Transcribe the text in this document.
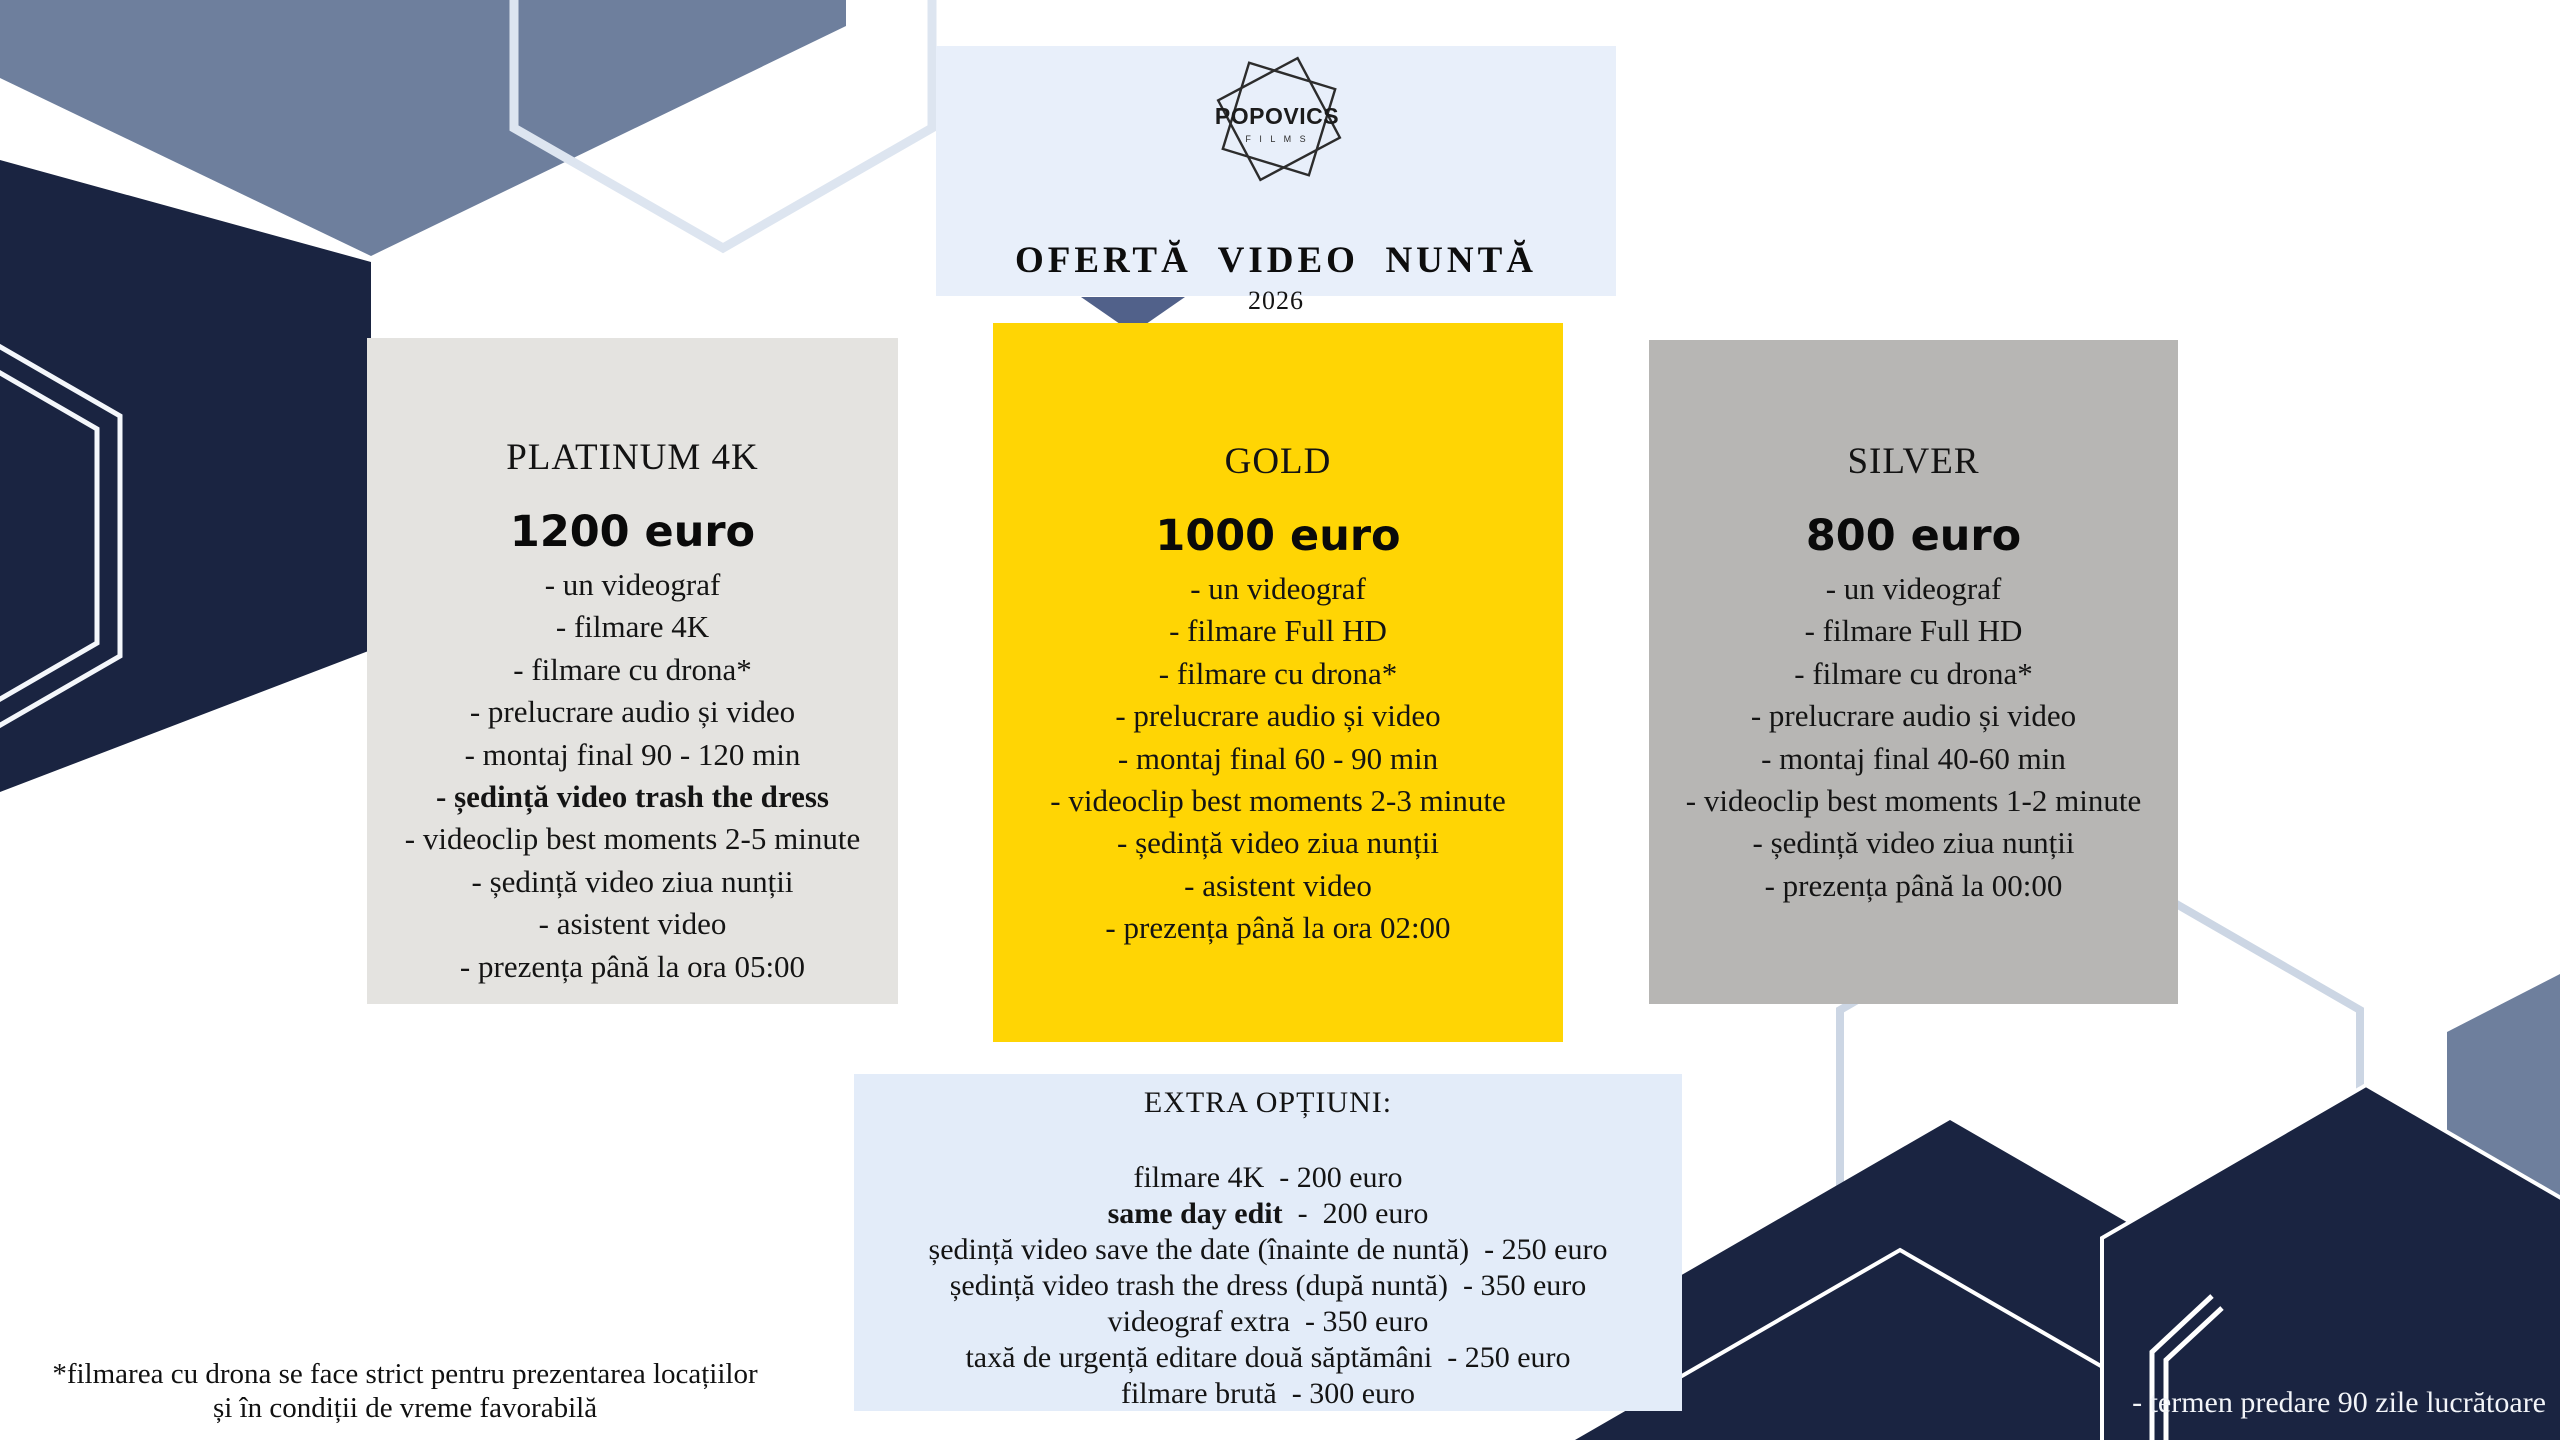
POPOVICS
F I L M S
OFERTĂ  VIDEO  NUNTĂ
2026
PLATINUM 4K
1200 euro
- un videograf
- filmare 4K
- filmare cu drona*
- prelucrare audio și video
- montaj final 90 - 120 min
- ședință video trash the dress
- videoclip best moments 2-5 minute
- ședință video ziua nunții
- asistent video
- prezența până la ora 05:00
GOLD
1000 euro
- un videograf
- filmare Full HD
- filmare cu drona*
- prelucrare audio și video
- montaj final 60 - 90 min
- videoclip best moments 2-3 minute
- ședință video ziua nunții
- asistent video
- prezența până la ora 02:00
SILVER
800 euro
- un videograf
- filmare Full HD
- filmare cu drona*
- prelucrare audio și video
- montaj final 40-60 min
- videoclip best moments 1-2 minute
- ședință video ziua nunții
- prezența până la 00:00
EXTRA OPȚIUNI:
filmare 4K  - 200 euro
same day edit  -  200 euro
ședință video save the date (înainte de nuntă)  - 250 euro
ședință video trash the dress (după nuntă)  - 350 euro
videograf extra  - 350 euro
taxă de urgență editare două săptămâni  - 250 euro
filmare brută  - 300 euro
*filmarea cu drona se face strict pentru prezentarea locațiilor
și în condiții de vreme favorabilă	- termen predare 90 zile lucrătoare
